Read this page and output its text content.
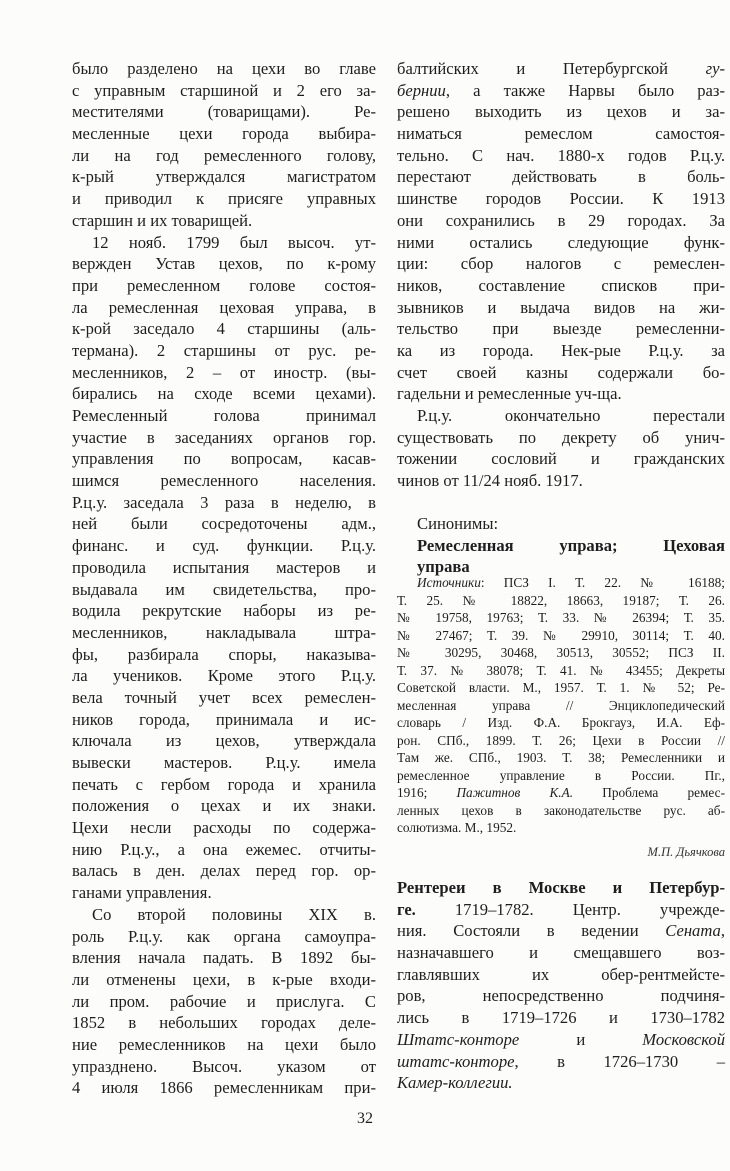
было разделено на цехи во главе
с управным старшиной и 2 его за-
местителями (товарищами). Ре-
месленные цехи города выбира-
ли на год ремесленного голову,
к-рый утверждался магистратом
и приводил к присяге управных
старшин и их товарищей.
12 нояб. 1799 был высоч. ут-
вержден Устав цехов, по к-рому
при ремесленном голове состоя-
ла ремесленная цеховая управа, в
к-рой заседало 4 старшины (аль-
термана). 2 старшины от рус. ре-
месленников, 2 – от иностр. (вы-
бирались на сходе всеми цехами).
Ремесленный голова принимал
участие в заседаниях органов гор.
управления по вопросам, касав-
шимся ремесленного населения.
Р.ц.у. заседала 3 раза в неделю, в
ней были сосредоточены адм.,
финанс. и суд. функции. Р.ц.у.
проводила испытания мастеров и
выдавала им свидетельства, про-
водила рекрутские наборы из ре-
месленников, накладывала штра-
фы, разбирала споры, наказыва-
ла учеников. Кроме этого Р.ц.у.
вела точный учет всех ремеслен-
ников города, принимала и ис-
ключала из цехов, утверждала
вывески мастеров. Р.ц.у. имела
печать с гербом города и хранила
положения о цехах и их знаки.
Цехи несли расходы по содержа-
нию Р.ц.у., а она ежемес. отчиты-
валась в ден. делах перед гор. ор-
ганами управления.
Со второй половины XIX в.
роль Р.ц.у. как органа самоупра-
вления начала падать. В 1892 бы-
ли отменены цехи, в к-рые входи-
ли пром. рабочие и прислуга. С
1852 в небольших городах деле-
ние ремесленников на цехи было
упразднено. Высоч. указом от
4 июля 1866 ремесленникам при-
балтийских и Петербургской гу-
бернии, а также Нарвы было раз-
решено выходить из цехов и за-
ниматься ремеслом самостоя-
тельно. С нач. 1880-х годов Р.ц.у.
перестают действовать в боль-
шинстве городов России. К 1913
они сохранились в 29 городах. За
ними остались следующие функ-
ции: сбор налогов с ремеслен-
ников, составление списков при-
зывников и выдача видов на жи-
тельство при выезде ремесленни-
ка из города. Нек-рые Р.ц.у. за
счет своей казны содержали бо-
гадельни и ремесленные уч-ща.
Р.ц.у. окончательно перестали
существовать по декрету об унич-
тожении сословий и гражданских
чинов от 11/24 нояб. 1917.
Синонимы:
Ремесленная управа; Цеховая
управа
Источники: ПСЗ I. Т. 22. № 16188;
Т. 25. № 18822, 18663, 19187; Т. 26.
№ 19758, 19763; Т. 33. № 26394; Т. 35.
№ 27467; Т. 39. № 29910, 30114; Т. 40.
№ 30295, 30468, 30513, 30552; ПСЗ II.
Т. 37. № 38078; Т. 41. № 43455; Декреты
Советской власти. М., 1957. Т. 1. № 52; Ре-
месленная управа // Энциклопедический
словарь / Изд. Ф.А. Брокгауз, И.А. Еф-
рон. СПб., 1899. Т. 26; Цехи в России //
Там же. СПб., 1903. Т. 38; Ремесленники и
ремесленное управление в России. Пг.,
1916; Пажитнов К.А. Проблема ремес-
ленных цехов в законодательстве рус. аб-
солютизма. М., 1952.
М.П. Дьячкова
Рентереи в Москве и Петербур-
ге. 1719–1782. Центр. учрежде-
ния. Состояли в ведении Сената,
назначавшего и смещавшего воз-
главлявших их обер-рентмейсте-
ров, непосредственно подчиня-
лись в 1719–1726 и 1730–1782
Штатс-конторе и Московской
штатс-конторе, в 1726–1730 –
Камер-коллегии.
32
